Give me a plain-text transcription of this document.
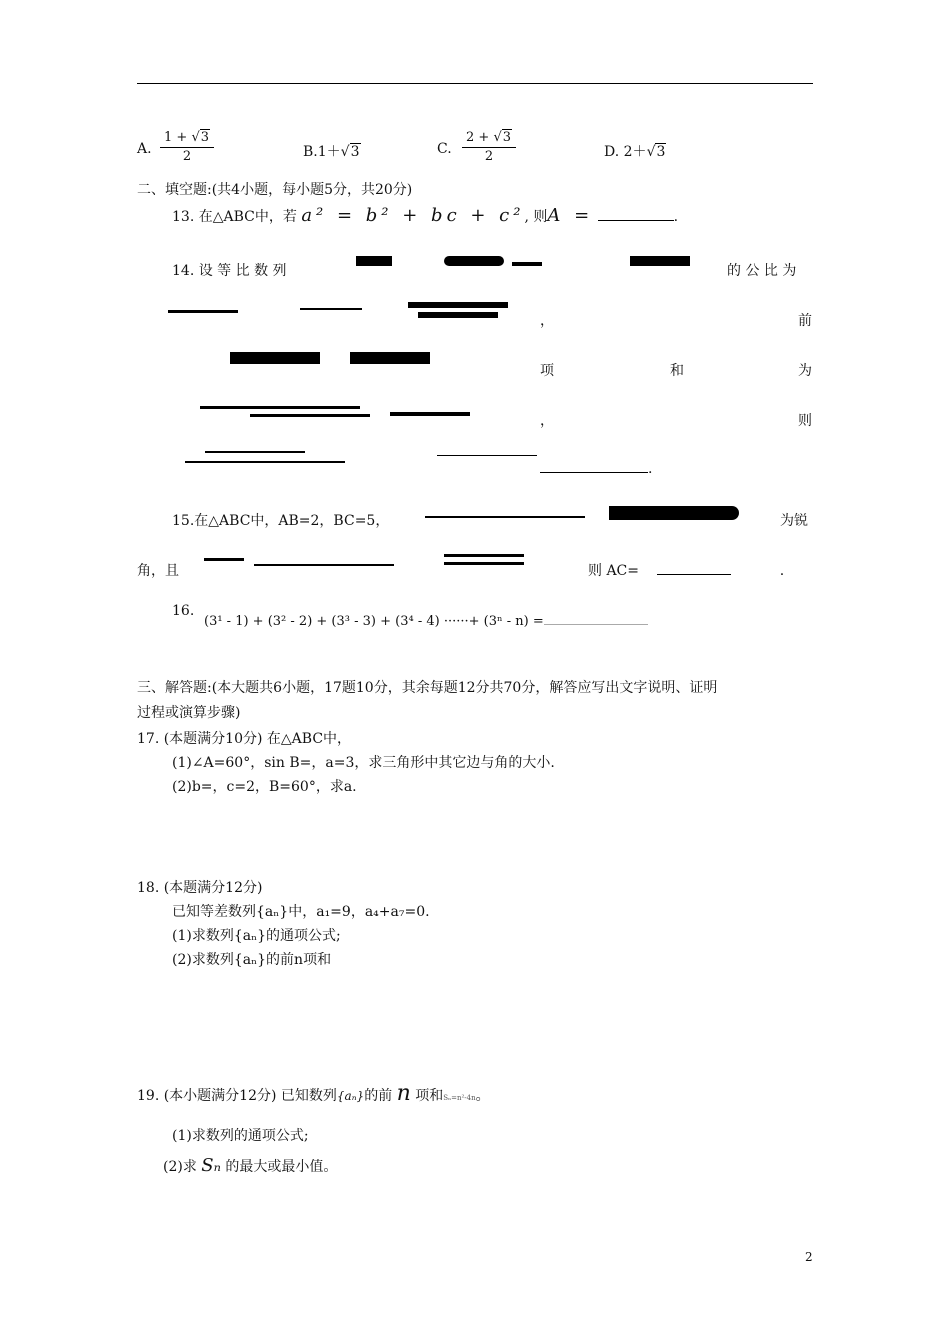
A. $\frac{1 + √3}{2}$	B.1＋√3	C. $\frac{2 + √3}{2}$	D. 2＋√3
二、填空题:(共4小题，每小题5分，共20分)
13. 在△ABC中，若 a² = b² + bc + c², 则A =	.
14. 设 等 比 数 列	的 公 比 为
，	前
项	和	为
，	则
.
15.在△ABC中，AB=2，BC=5，	为锐
角，且	则 AC=	.
16.
(3¹ - 1) + (3² - 2) + (3³ - 3) + (3⁴ - 4) ······+ (3ⁿ - n) =
三、解答题:(本大题共6小题，17题10分，其余每题12分共70分，解答应写出文字说明、证明
过程或演算步骤)
17. (本题满分10分) 在△ABC中，
(1)∠A=60°，sin B=，a=3，求三角形中其它边与角的大小.
(2)b=，c=2，B=60°，求a.
18. (本题满分12分)
已知等差数列{aₙ}中，a₁=9，a₄+a₇=0.
(1)求数列{aₙ}的通项公式;
(2)求数列{aₙ}的前n项和
19. (本小题满分12分) 已知数列{aₙ}的前 n 项和Sₙ=n²-4n。
(1)求数列的通项公式;
(2)求 Sₙ 的最大或最小值。
2
